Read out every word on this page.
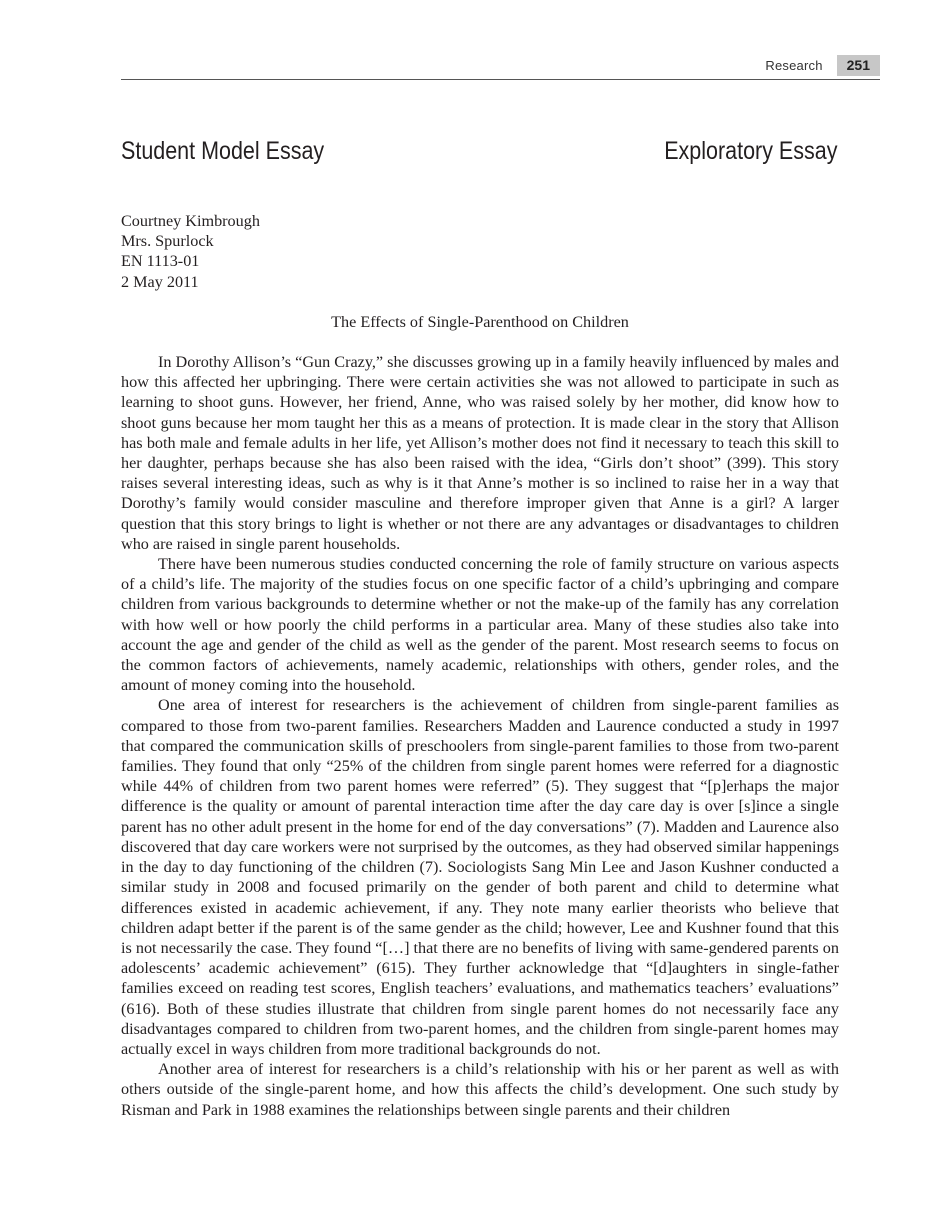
Research	251
Student Model Essay	Exploratory Essay
Courtney Kimbrough
Mrs. Spurlock
EN 1113-01
2 May 2011
The Effects of Single-Parenthood on Children

In Dorothy Allison’s “Gun Crazy,” she discusses growing up in a family heavily influenced by males and how this affected her upbringing. There were certain activities she was not allowed to participate in such as learning to shoot guns. However, her friend, Anne, who was raised solely by her mother, did know how to shoot guns because her mom taught her this as a means of protection. It is made clear in the story that Allison has both male and female adults in her life, yet Allison’s mother does not find it necessary to teach this skill to her daughter, perhaps because she has also been raised with the idea, “Girls don’t shoot” (399). This story raises several interesting ideas, such as why is it that Anne’s mother is so inclined to raise her in a way that Dorothy’s family would consider masculine and therefore improper given that Anne is a girl? A larger question that this story brings to light is whether or not there are any advantages or disadvantages to children who are raised in single parent households.

There have been numerous studies conducted concerning the role of family structure on various aspects of a child’s life. The majority of the studies focus on one specific factor of a child’s upbringing and compare children from various backgrounds to determine whether or not the make-up of the family has any correlation with how well or how poorly the child performs in a particular area. Many of these studies also take into account the age and gender of the child as well as the gender of the parent. Most research seems to focus on the common factors of achievements, namely academic, relationships with others, gender roles, and the amount of money coming into the household.

One area of interest for researchers is the achievement of children from single-parent families as compared to those from two-parent families. Researchers Madden and Laurence conducted a study in 1997 that compared the communication skills of preschoolers from single-parent families to those from two-parent families. They found that only “25% of the children from single parent homes were referred for a diagnostic while 44% of children from two parent homes were referred” (5). They suggest that “[p]erhaps the major difference is the quality or amount of parental interaction time after the day care day is over [s]ince a single parent has no other adult present in the home for end of the day conversations” (7). Madden and Laurence also discovered that day care workers were not surprised by the outcomes, as they had observed similar happenings in the day to day functioning of the children (7). Sociologists Sang Min Lee and Jason Kushner conducted a similar study in 2008 and focused primarily on the gender of both parent and child to determine what differences existed in academic achievement, if any. They note many earlier theorists who believe that children adapt better if the parent is of the same gender as the child; however, Lee and Kushner found that this is not necessarily the case. They found “[…] that there are no benefits of living with same-gendered parents on adolescents’ academic achievement” (615). They further acknowledge that “[d]aughters in single-father families exceed on reading test scores, English teachers’ evaluations, and mathematics teachers’ evaluations” (616). Both of these studies illustrate that children from single parent homes do not necessarily face any disadvantages compared to children from two-parent homes, and the children from single-parent homes may actually excel in ways children from more traditional backgrounds do not.

Another area of interest for researchers is a child’s relationship with his or her parent as well as with others outside of the single-parent home, and how this affects the child’s development. One such study by Risman and Park in 1988 examines the relationships between single parents and their children
